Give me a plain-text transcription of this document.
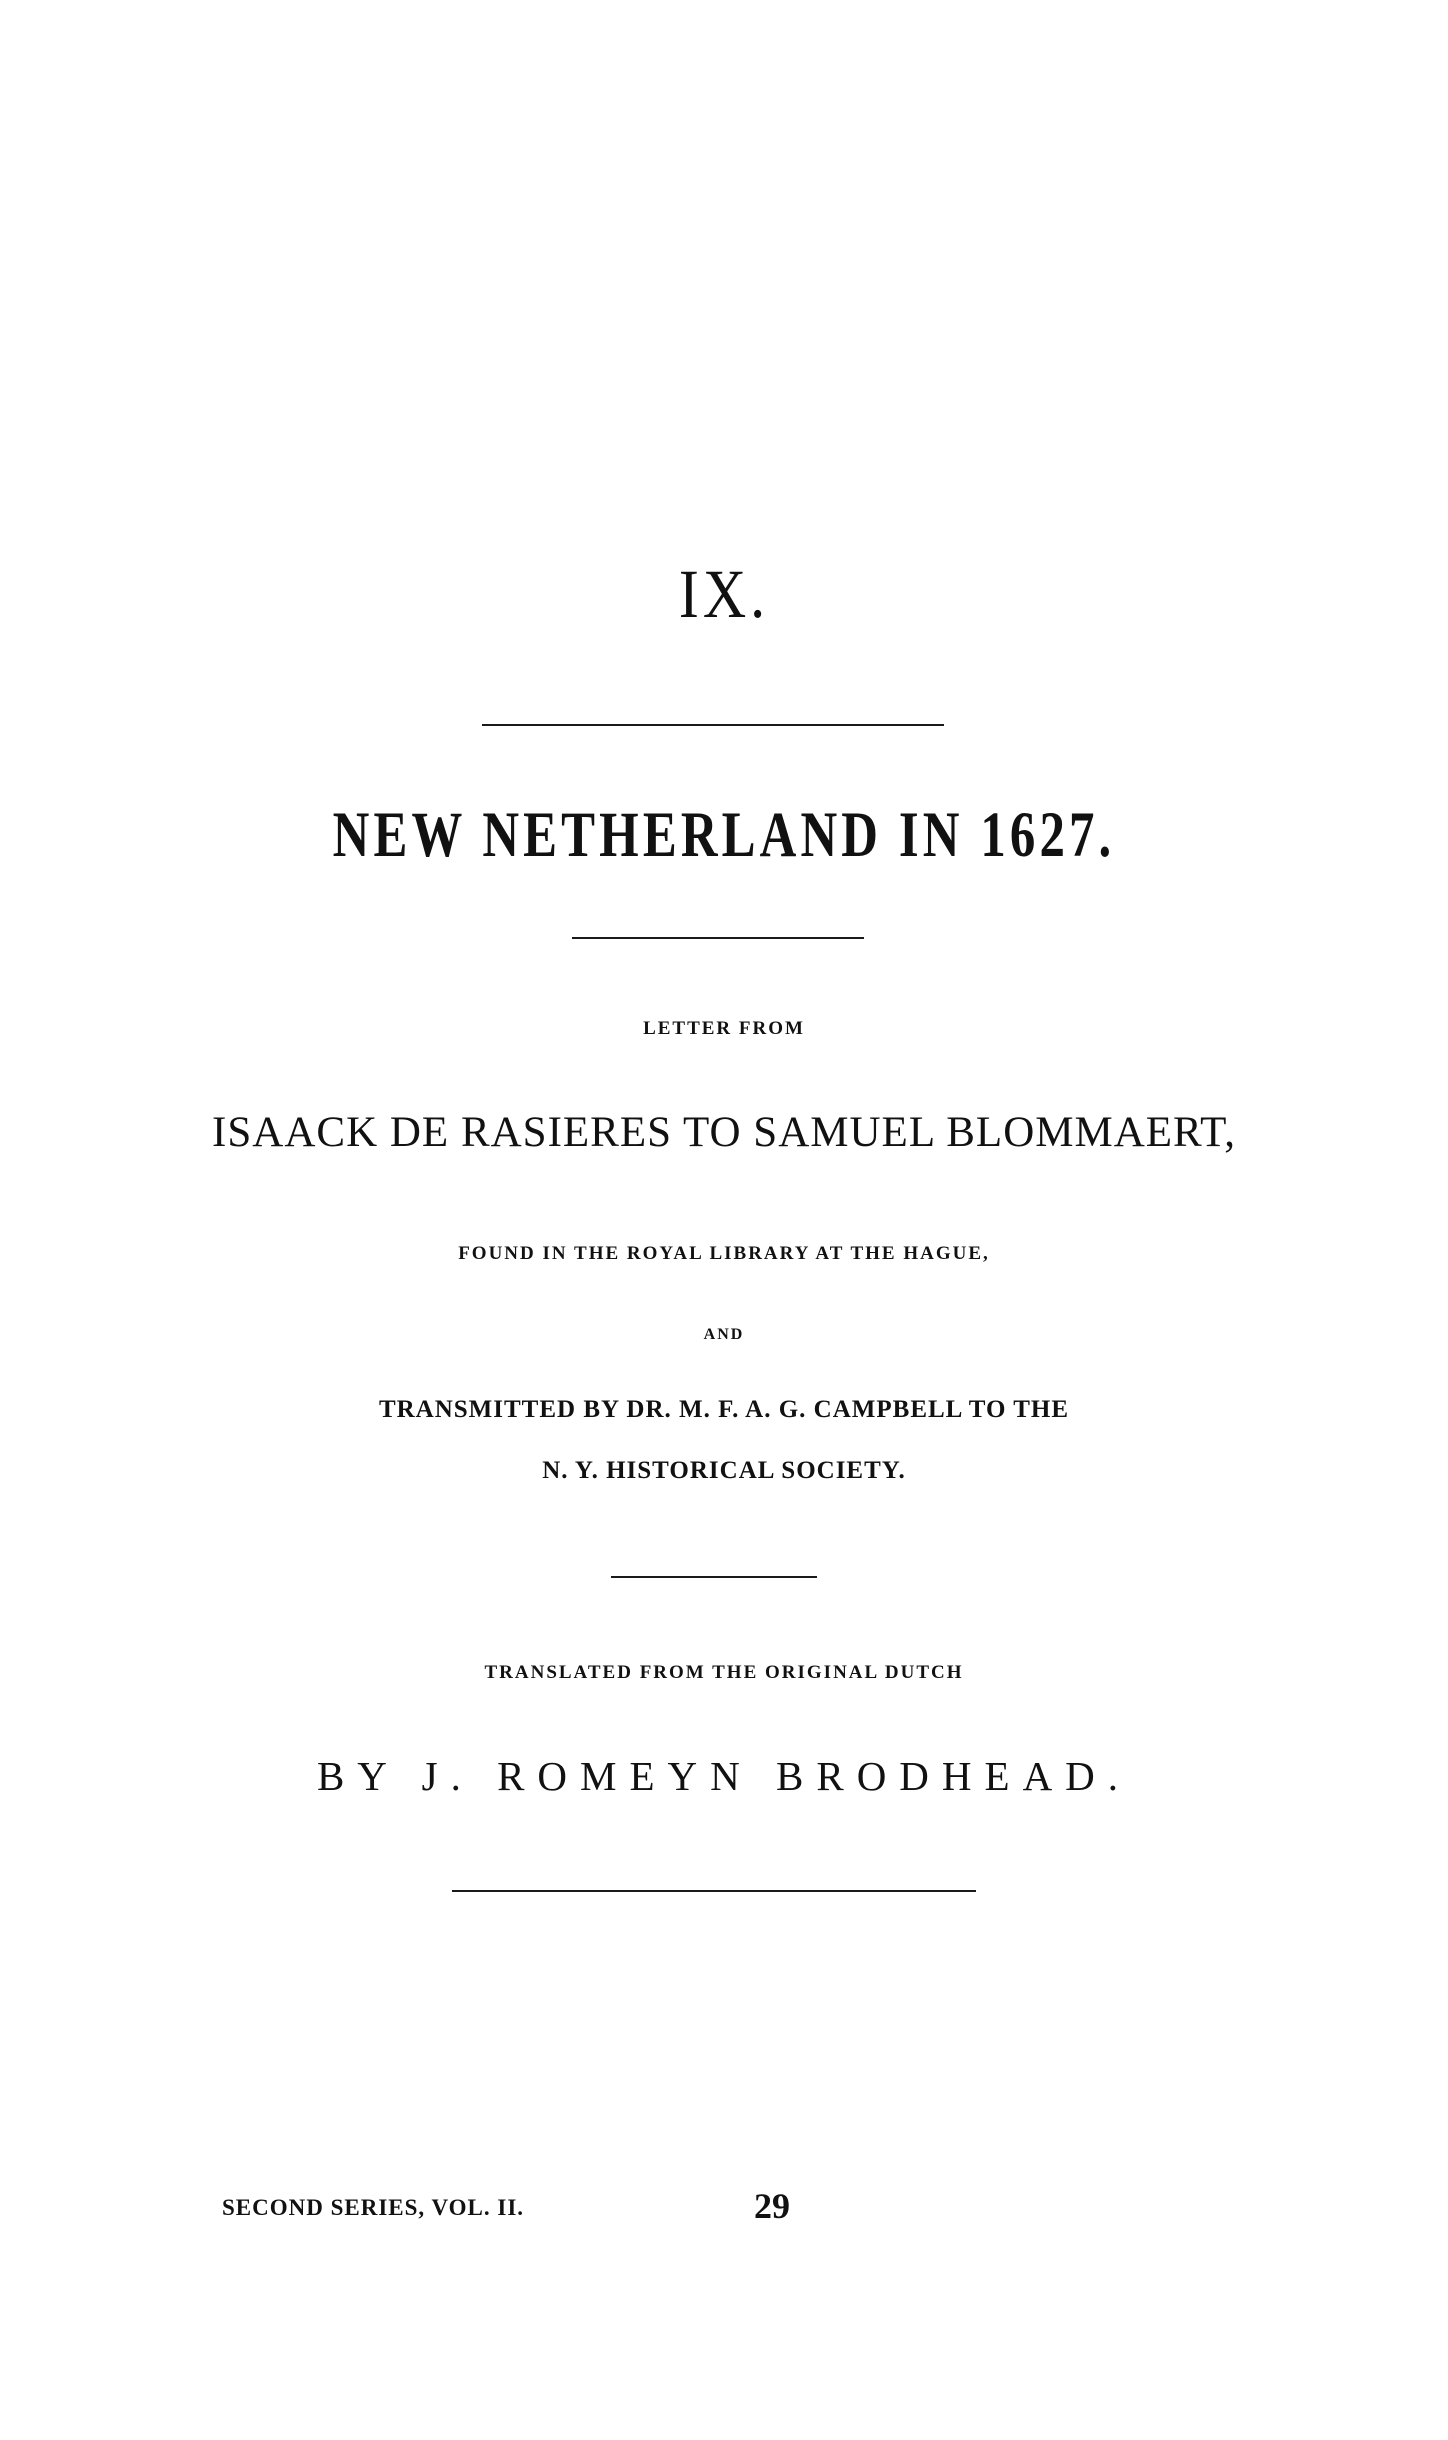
IX.
NEW NETHERLAND IN 1627.
LETTER FROM
ISAACK DE RASIERES TO SAMUEL BLOMMAERT,
FOUND IN THE ROYAL LIBRARY AT THE HAGUE,
AND
TRANSMITTED BY DR. M. F. A. G. CAMPBELL TO THE
N. Y. HISTORICAL SOCIETY.
TRANSLATED FROM THE ORIGINAL DUTCH
BY J. ROMEYN BRODHEAD.
SECOND SERIES, VOL. II.	29
